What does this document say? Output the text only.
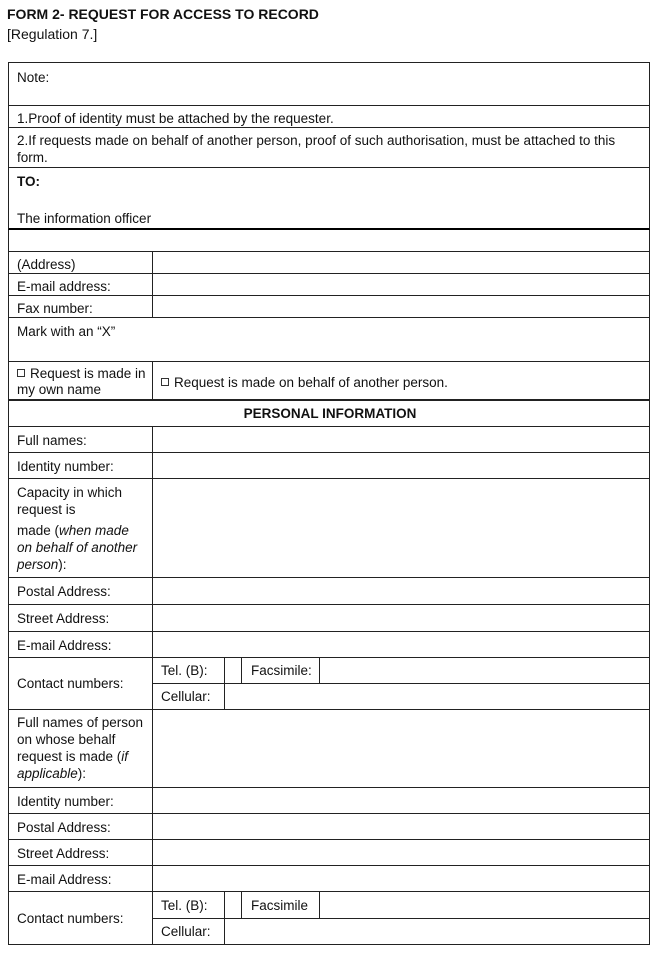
FORM 2- REQUEST FOR ACCESS TO RECORD
[Regulation 7.]
Note:
1.Proof of identity must be attached by the requester.
2.If requests made on behalf of another person, proof of such authorisation, must be attached to this form.
TO:
The information officer
(Address)
E-mail address:
Fax number:
Mark with an “X”
Request is made in my own name	Request is made on behalf of another person.
PERSONAL INFORMATION
Full names:
Identity number:
Capacity in which request is
made (when made on behalf of another person):
Postal Address:
Street Address:
E-mail Address:
Contact numbers:
Tel. (B):	Facsimile:
Cellular:
Full names of person on whose behalf request is made (if applicable):
Identity number:
Postal Address:
Street Address:
E-mail Address:
Contact numbers:
Tel. (B):	Facsimile
Cellular:
